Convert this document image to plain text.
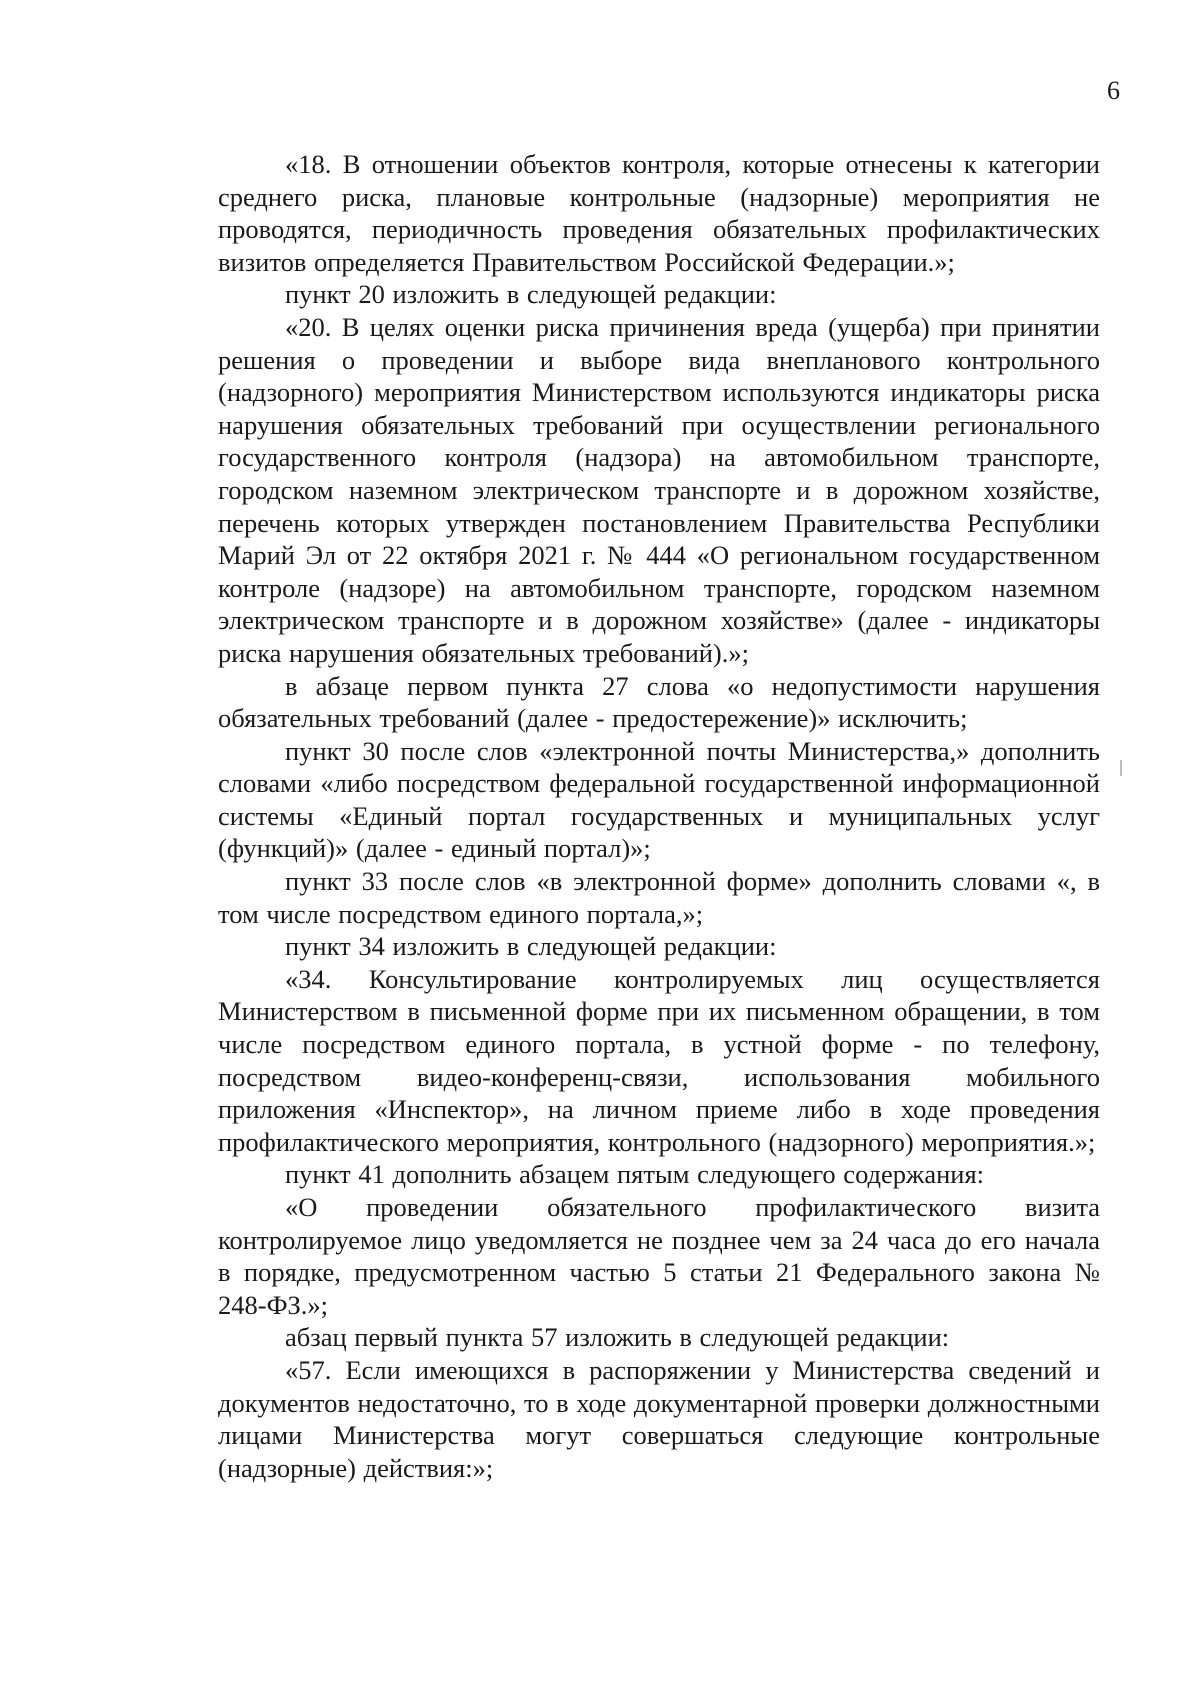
6

«18. В отношении объектов контроля, которые отнесены к категории среднего риска, плановые контрольные (надзорные) мероприятия не проводятся, периодичность проведения обязательных профилактических визитов определяется Правительством Российской Федерации.»;

пункт 20 изложить в следующей редакции:

«20. В целях оценки риска причинения вреда (ущерба) при принятии решения о проведении и выборе вида внепланового контрольного (надзорного) мероприятия Министерством используются индикаторы риска нарушения обязательных требований при осуществлении регионального государственного контроля (надзора) на автомобильном транспорте, городском наземном электрическом транспорте и в дорожном хозяйстве, перечень которых утвержден постановлением Правительства Республики Марий Эл от 22 октября 2021 г. № 444 «О региональном государственном контроле (надзоре) на автомобильном транспорте, городском наземном электрическом транспорте и в дорожном хозяйстве» (далее - индикаторы риска нарушения обязательных требований).»;

в абзаце первом пункта 27 слова «о недопустимости нарушения обязательных требований (далее - предостережение)» исключить;

пункт 30 после слов «электронной почты Министерства,» дополнить словами «либо посредством федеральной государственной информационной системы «Единый портал государственных и муниципальных услуг (функций)» (далее - единый портал)»;

пункт 33 после слов «в электронной форме» дополнить словами «, в том числе посредством единого портала,»;

пункт 34 изложить в следующей редакции:

«34. Консультирование контролируемых лиц осуществляется Министерством в письменной форме при их письменном обращении, в том числе посредством единого портала, в устной форме - по телефону, посредством видео-конференц-связи, использования мобильного приложения «Инспектор», на личном приеме либо в ходе проведения профилактического мероприятия, контрольного (надзорного) мероприятия.»;

пункт 41 дополнить абзацем пятым следующего содержания:

«О проведении обязательного профилактического визита контролируемое лицо уведомляется не позднее чем за 24 часа до его начала в порядке, предусмотренном частью 5 статьи 21 Федерального закона № 248-ФЗ.»;

абзац первый пункта 57 изложить в следующей редакции:

«57. Если имеющихся в распоряжении у Министерства сведений и документов недостаточно, то в ходе документарной проверки должностными лицами Министерства могут совершаться следующие контрольные (надзорные) действия:»;
